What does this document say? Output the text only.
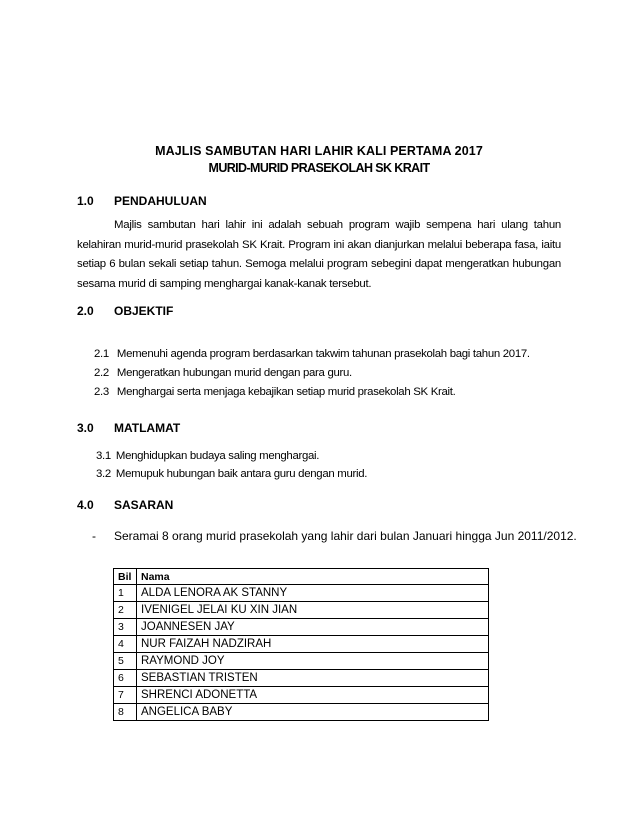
MAJLIS SAMBUTAN HARI LAHIR KALI PERTAMA 2017
MURID-MURID PRASEKOLAH SK KRAIT
1.0 PENDAHULUAN

Majlis sambutan hari lahir ini adalah sebuah program wajib sempena hari ulang tahun kelahiran murid-murid prasekolah SK Krait. Program ini akan dianjurkan melalui beberapa fasa, iaitu setiap 6 bulan sekali setiap tahun. Semoga melalui program sebegini dapat mengeratkan hubungan sesama murid di samping menghargai kanak-kanak tersebut.

2.0 OBJEKTIF
2.1 Memenuhi agenda program berdasarkan takwim tahunan prasekolah bagi tahun 2017.
2.2 Mengeratkan hubungan murid dengan para guru.
2.3 Menghargai serta menjaga kebajikan setiap murid prasekolah SK Krait.
3.0 MATLAMAT
3.1 Menghidupkan budaya saling menghargai.
3.2 Memupuk hubungan baik antara guru dengan murid.
4.0 SASARAN
- Seramai 8 orang murid prasekolah yang lahir dari bulan Januari hingga Jun 2011/2012.
Bil	Nama
1	ALDA LENORA AK STANNY
2	IVENIGEL JELAI KU XIN JIAN
3	JOANNESEN JAY
4	NUR FAIZAH NADZIRAH
5	RAYMOND JOY
6	SEBASTIAN TRISTEN
7	SHRENCI ADONETTA
8	ANGELICA BABY
